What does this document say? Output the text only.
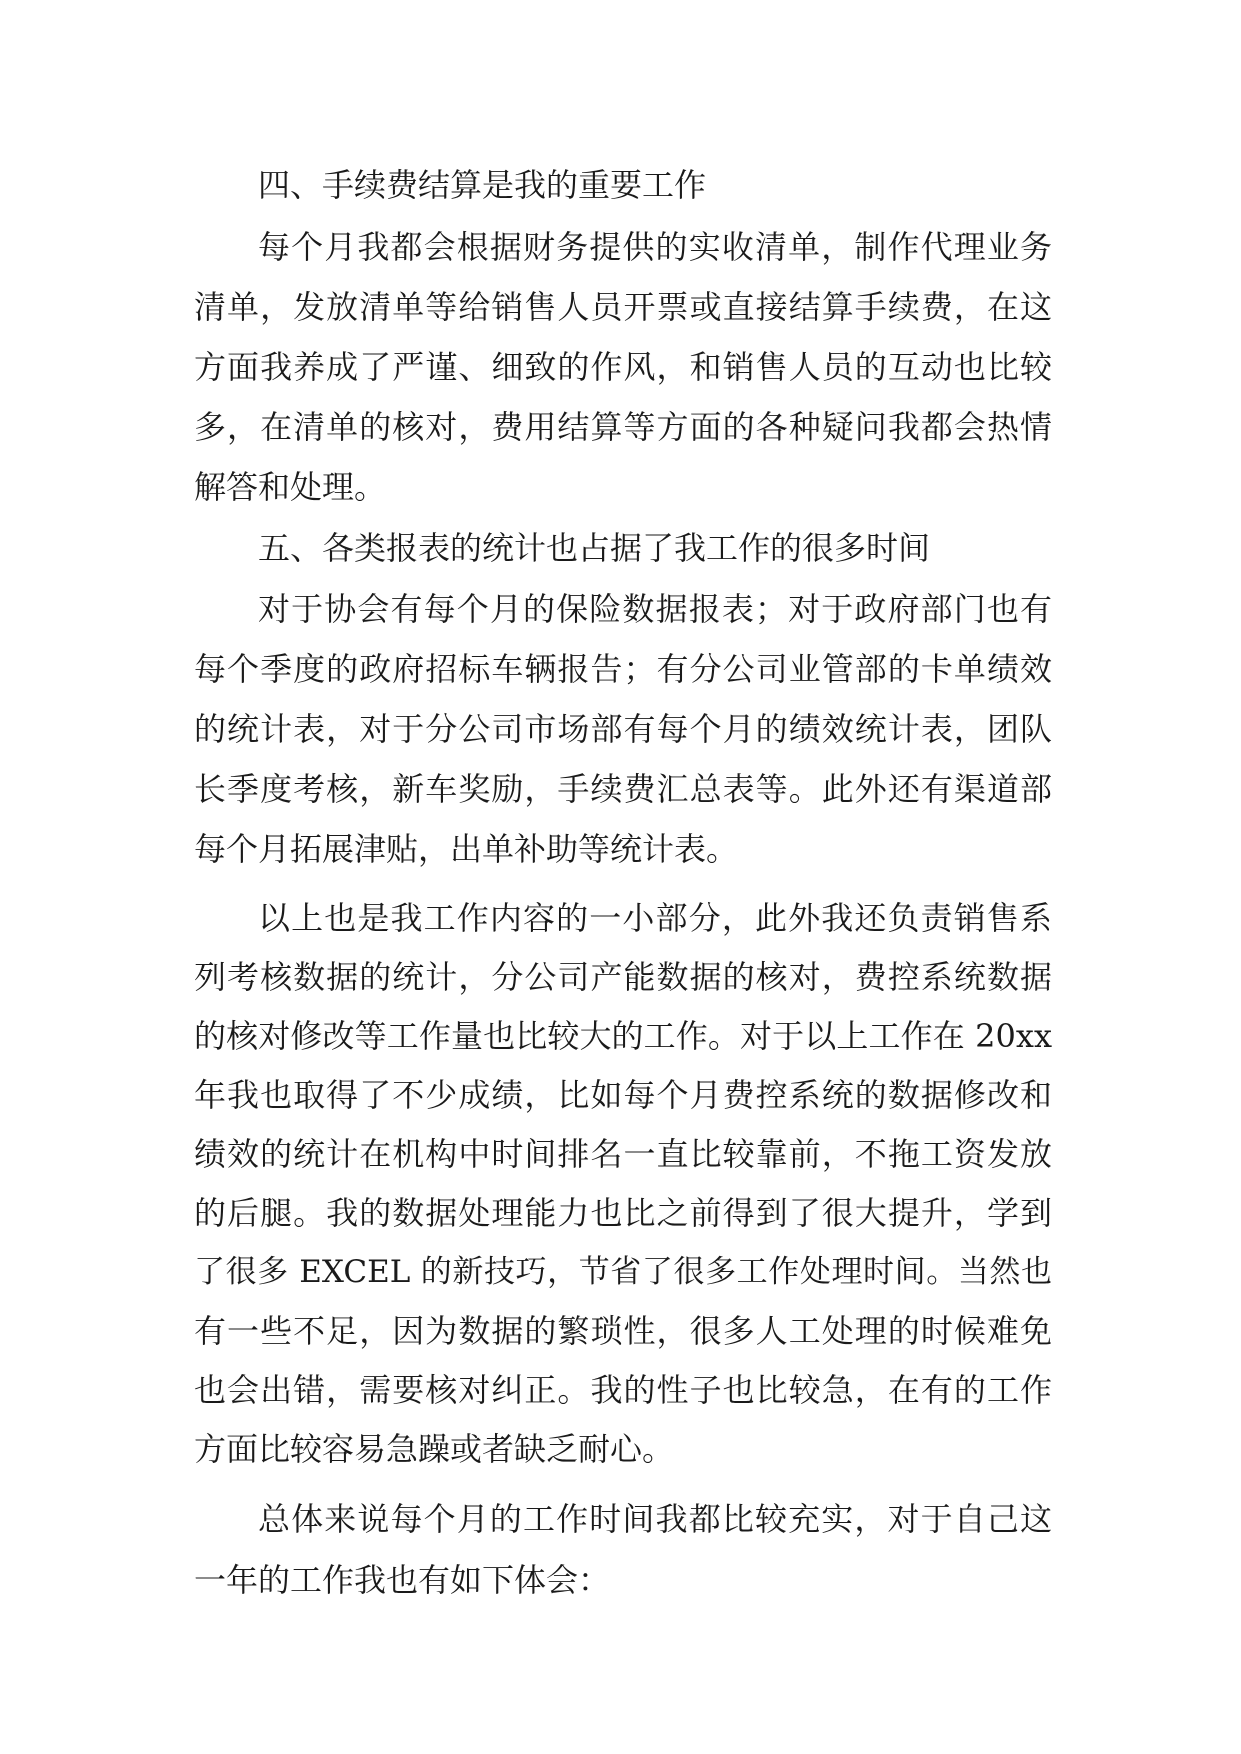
四、手续费结算是我的重要工作
每个月我都会根据财务提供的实收清单，制作代理业务
清单，发放清单等给销售人员开票或直接结算手续费，在这
方面我养成了严谨、细致的作风，和销售人员的互动也比较
多，在清单的核对，费用结算等方面的各种疑问我都会热情
解答和处理。
五、各类报表的统计也占据了我工作的很多时间
对于协会有每个月的保险数据报表；对于政府部门也有
每个季度的政府招标车辆报告；有分公司业管部的卡单绩效
的统计表，对于分公司市场部有每个月的绩效统计表，团队
长季度考核，新车奖励，手续费汇总表等。此外还有渠道部
每个月拓展津贴，出单补助等统计表。
以上也是我工作内容的一小部分，此外我还负责销售系
列考核数据的统计，分公司产能数据的核对，费控系统数据
的核对修改等工作量也比较大的工作。对于以上工作在 20xx
年我也取得了不少成绩，比如每个月费控系统的数据修改和
绩效的统计在机构中时间排名一直比较靠前，不拖工资发放
的后腿。我的数据处理能力也比之前得到了很大提升，学到
了很多 EXCEL 的新技巧，节省了很多工作处理时间。当然也
有一些不足，因为数据的繁琐性，很多人工处理的时候难免
也会出错，需要核对纠正。我的性子也比较急，在有的工作
方面比较容易急躁或者缺乏耐心。
总体来说每个月的工作时间我都比较充实，对于自己这
一年的工作我也有如下体会：
